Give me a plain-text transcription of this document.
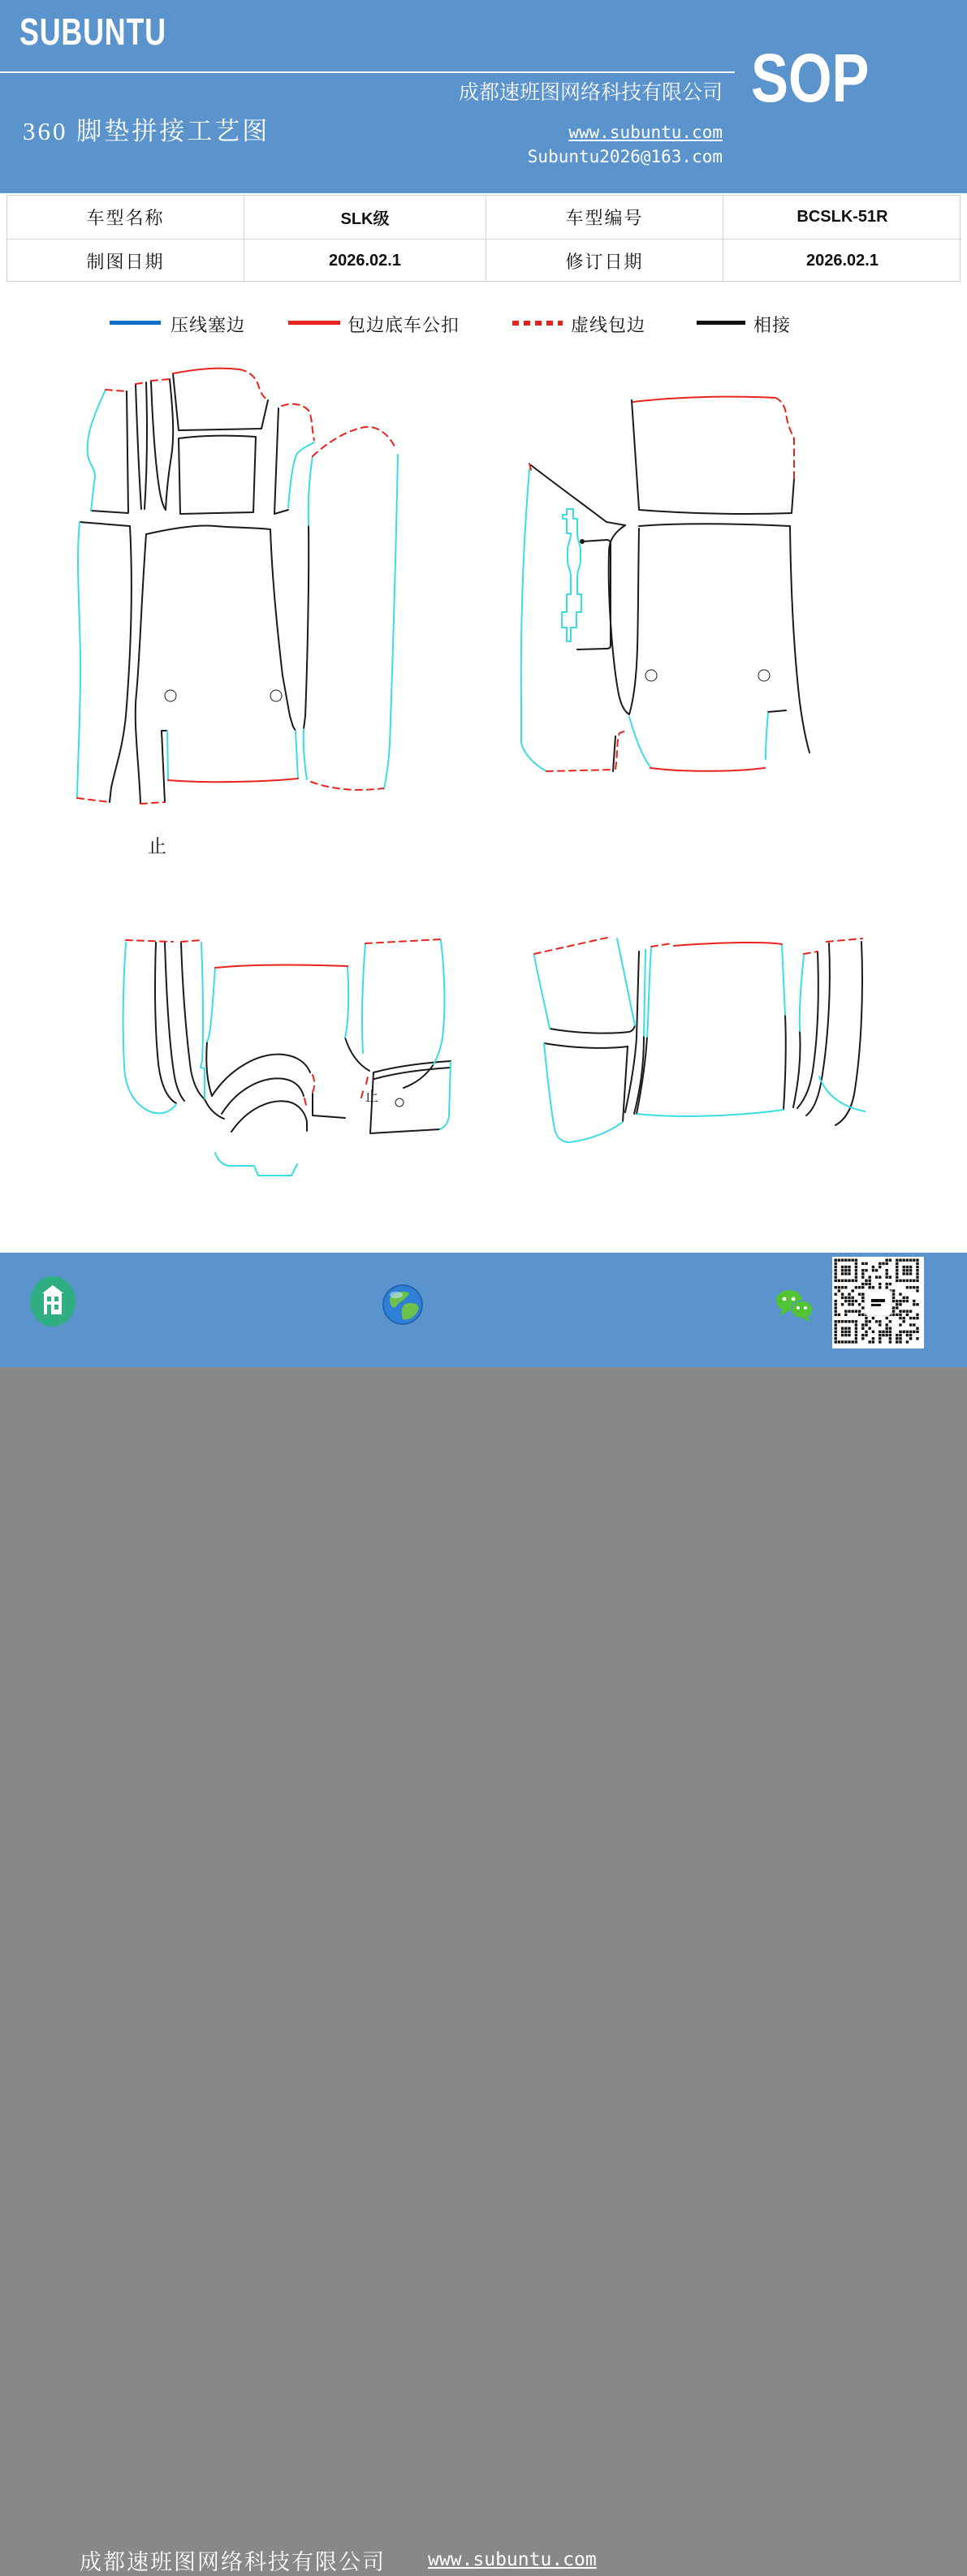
SUBUNTU
成都速班图网络科技有限公司
360 脚垫拼接工艺图
SOP
www.subuntu.com
Subuntu2026@163.com
车型名称	SLK级	车型编号	BCSLK-51R
制图日期	2026.02.1	修订日期	2026.02.1
压线塞边	包边底车公扣	虚线包边	相接
止
止
成都速班图网络科技有限公司 www.subuntu.com
